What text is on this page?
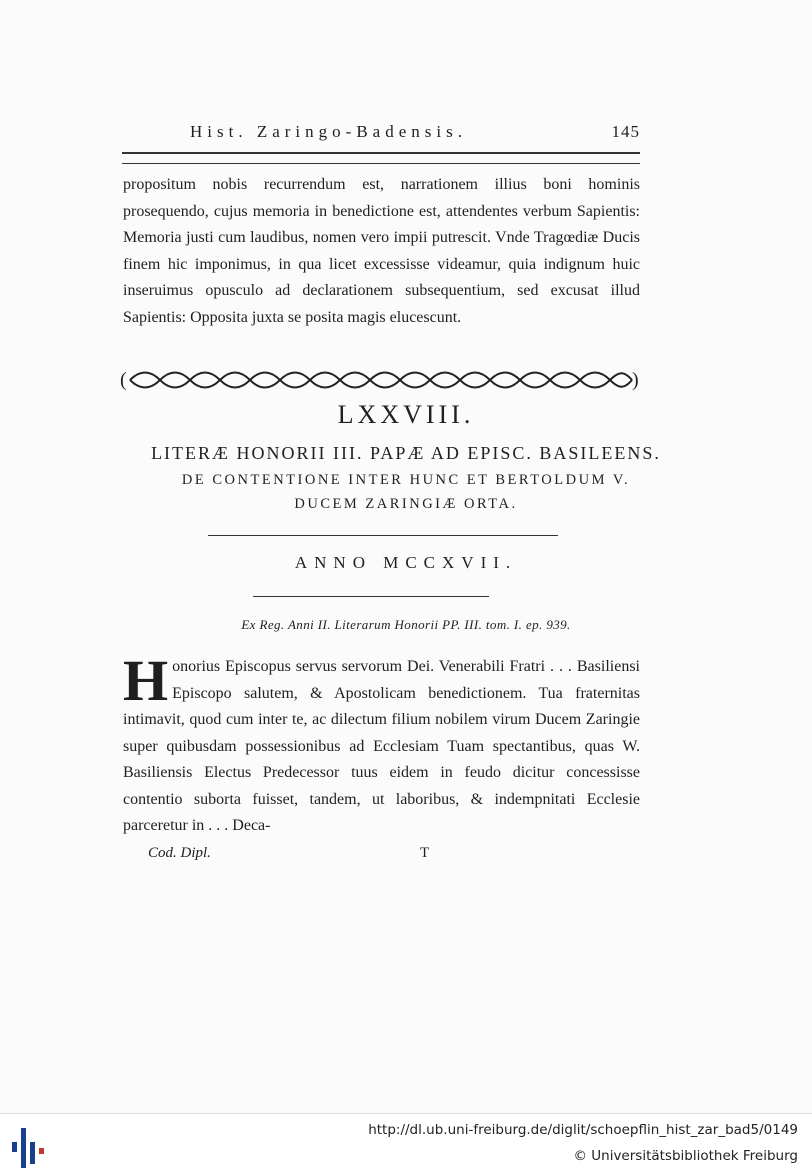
Hist. Zaringo-Badensis.	145
propositum nobis recurrendum est, narrationem illius boni hominis prosequendo, cujus memoria in benedictione est, attendentes verbum Sapientis: Memoria justi cum laudibus, nomen vero impii putrescit. Vnde Tragœdiæ Ducis finem hic imponimus, in qua licet excessisse videamur, quia indignum huic inseruimus opusculo ad declarationem subsequentium, sed excusat illud Sapientis: Opposita juxta se posita magis elucescunt.
(	)
LXXVIII.
LITERÆ HONORII III. PAPÆ AD EPISC. BASILEENS.
DE CONTENTIONE INTER HUNC ET BERTOLDUM V.
DUCEM ZARINGIÆ ORTA.
ANNO MCCXVII.
Ex Reg. Anni II. Literarum Honorii PP. III. tom. I. ep. 939.
Honorius Episcopus servus servorum Dei. Venerabili Fratri . . . Basiliensi Episcopo salutem, & Apostolicam benedictionem. Tua fraternitas intimavit, quod cum inter te, ac dilectum filium nobilem virum Ducem Zaringie super quibusdam possessionibus ad Ecclesiam Tuam spectantibus, quas W. Basiliensis Electus Predecessor tuus eidem in feudo dicitur concessisse contentio suborta fuisset, tandem, ut laboribus, & indempnitati Ecclesie parceretur in . . . Deca-
Cod. Dipl.	T
http://dl.ub.uni-freiburg.de/diglit/schoepflin_hist_zar_bad5/0149
© Universitätsbibliothek Freiburg
